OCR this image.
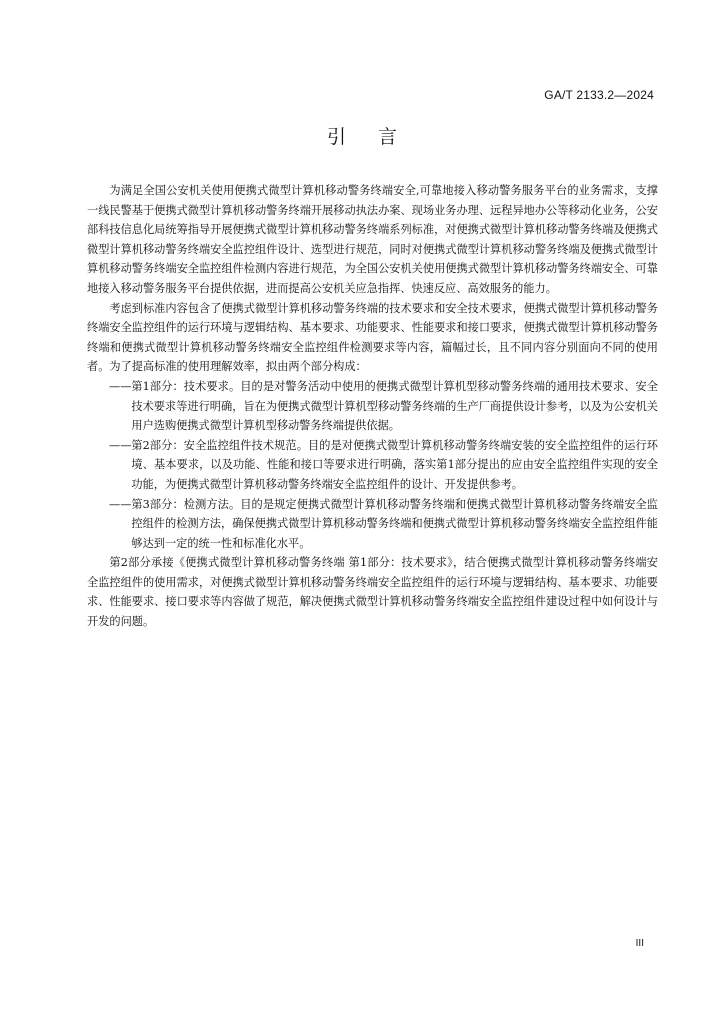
GA/T 2133.2—2024
引言

为满足全国公安机关使用便携式微型计算机移动警务终端安全,可靠地接入移动警务服务平台的业务需求，支撑一线民警基于便携式微型计算机移动警务终端开展移动执法办案、现场业务办理、远程异地办公等移动化业务，公安部科技信息化局统筹指导开展便携式微型计算机移动警务终端系列标准，对便携式微型计算机移动警务终端及便携式微型计算机移动警务终端安全监控组件设计、选型进行规范，同时对便携式微型计算机移动警务终端及便携式微型计算机移动警务终端安全监控组件检测内容进行规范，为全国公安机关使用便携式微型计算机移动警务终端安全、可靠地接入移动警务服务平台提供依据，进而提高公安机关应急指挥、快速反应、高效服务的能力。

考虑到标准内容包含了便携式微型计算机移动警务终端的技术要求和安全技术要求，便携式微型计算机移动警务终端安全监控组件的运行环境与逻辑结构、基本要求、功能要求、性能要求和接口要求，便携式微型计算机移动警务终端和便携式微型计算机移动警务终端安全监控组件检测要求等内容，篇幅过长，且不同内容分别面向不同的使用者。为了提高标准的使用理解效率，拟由两个部分构成：

—— 第1部分：技术要求。目的是对警务活动中使用的便携式微型计算机型移动警务终端的通用技术要求、安全技术要求等进行明确，旨在为便携式微型计算机型移动警务终端的生产厂商提供设计参考，以及为公安机关用户选购便携式微型计算机型移动警务终端提供依据。
—— 第2部分：安全监控组件技术规范。目的是对便携式微型计算机移动警务终端安装的安全监控组件的运行环境、基本要求，以及功能、性能和接口等要求进行明确，落实第1部分提出的应由安全监控组件实现的安全功能，为便携式微型计算机移动警务终端安全监控组件的设计、开发提供参考。
—— 第3部分：检测方法。目的是规定便携式微型计算机移动警务终端和便携式微型计算机移动警务终端安全监控组件的检测方法，确保便携式微型计算机移动警务终端和便携式微型计算机移动警务终端安全监控组件能够达到一定的统一性和标准化水平。

第2部分承接《便携式微型计算机移动警务终端 第1部分：技术要求》，结合便携式微型计算机移动警务终端安全监控组件的使用需求，对便携式微型计算机移动警务终端安全监控组件的运行环境与逻辑结构、基本要求、功能要求、性能要求、接口要求等内容做了规范，解决便携式微型计算机移动警务终端安全监控组件建设过程中如何设计与开发的问题。

III
